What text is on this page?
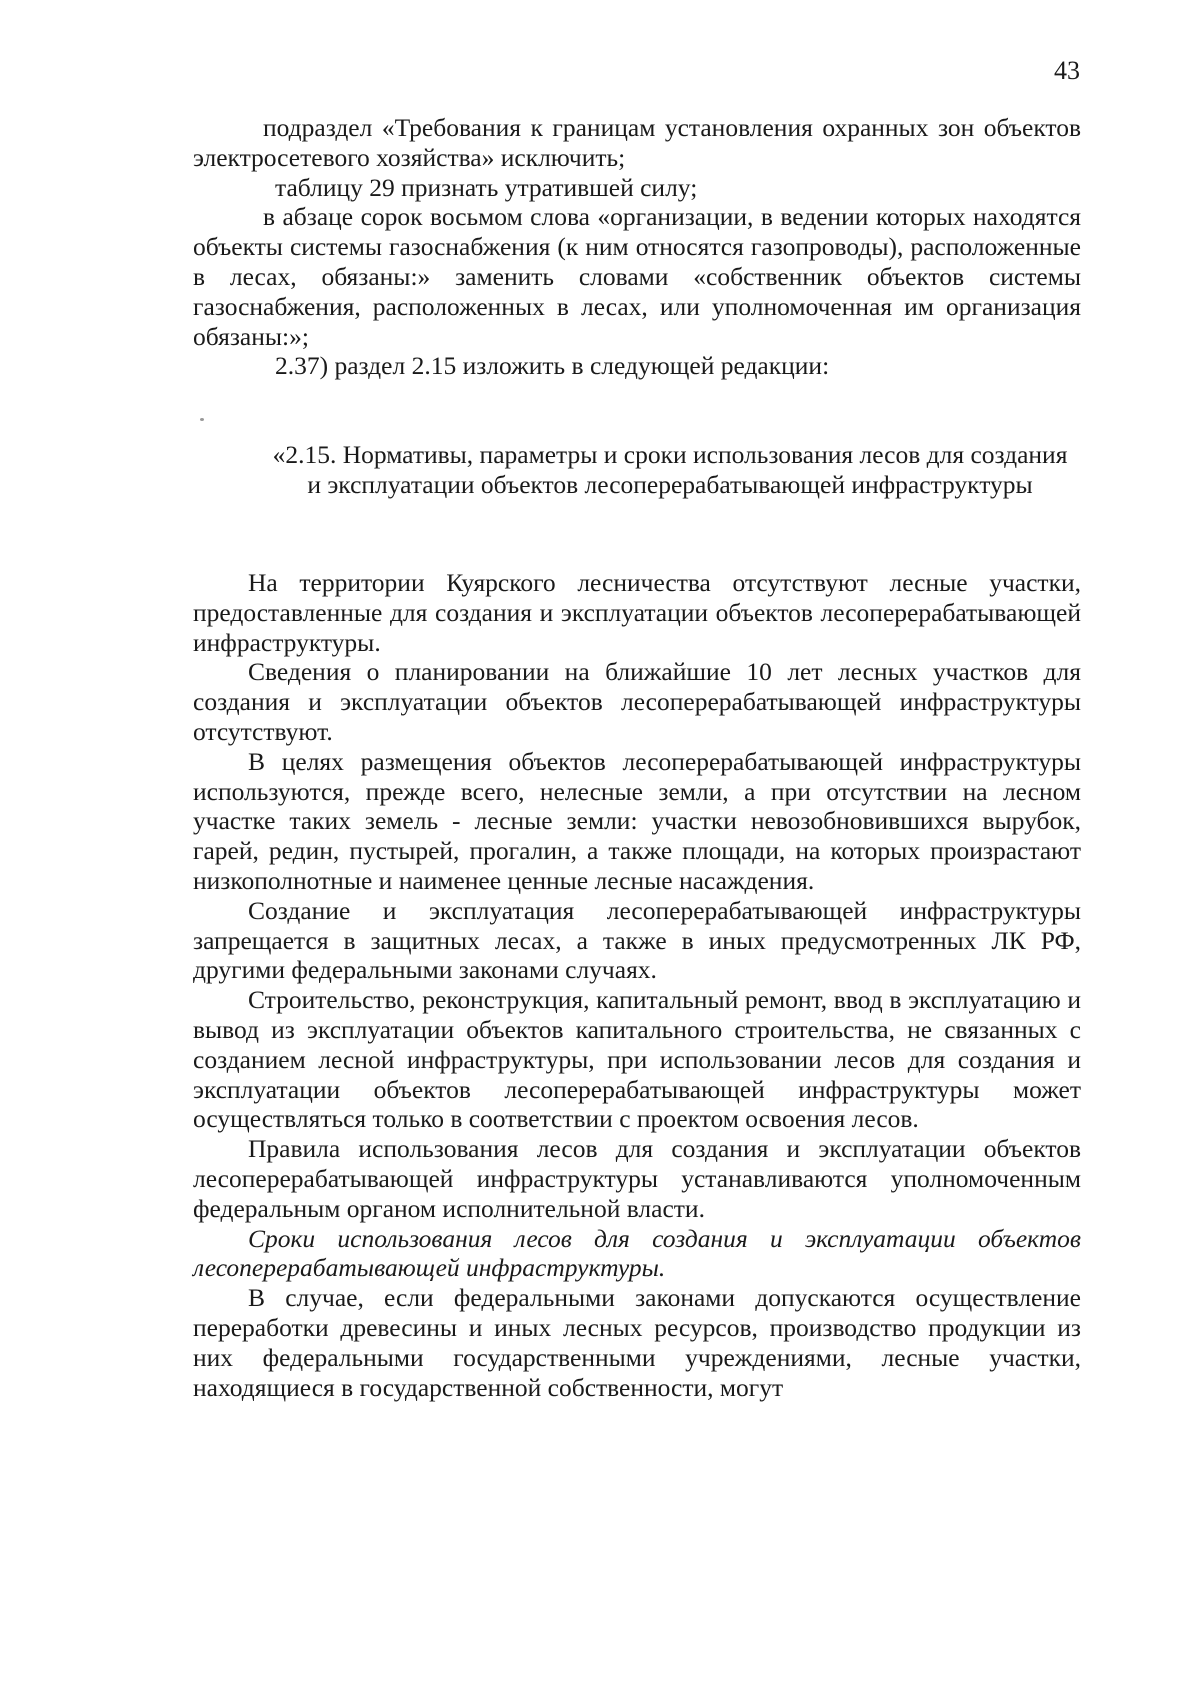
43

подраздел «Требования к границам установления охранных зон объектов электросетевого хозяйства» исключить;

таблицу 29 признать утратившей силу;

в абзаце сорок восьмом слова «организации, в ведении которых находятся объекты системы газоснабжения (к ним относятся газопроводы), расположенные в лесах, обязаны:» заменить словами «собственник объектов системы газоснабжения, расположенных в лесах, или уполномоченная им организация обязаны:»;

2.37) раздел 2.15 изложить в следующей редакции:

«2.15. Нормативы, параметры и сроки использования лесов для создания и эксплуатации объектов лесоперерабатывающей инфраструктуры

На территории Куярского лесничества отсутствуют лесные участки, предоставленные для создания и эксплуатации объектов лесоперерабатывающей инфраструктуры.

Сведения о планировании на ближайшие 10 лет лесных участков для создания и эксплуатации объектов лесоперерабатывающей инфраструктуры отсутствуют.

В целях размещения объектов лесоперерабатывающей инфраструктуры используются, прежде всего, нелесные земли, а при отсутствии на лесном участке таких земель - лесные земли: участки невозобновившихся вырубок, гарей, редин, пустырей, прогалин, а также площади, на которых произрастают низкополнотные и наименее ценные лесные насаждения.

Создание и эксплуатация лесоперерабатывающей инфраструктуры запрещается в защитных лесах, а также в иных предусмотренных ЛК РФ, другими федеральными законами случаях.

Строительство, реконструкция, капитальный ремонт, ввод в эксплуатацию и вывод из эксплуатации объектов капитального строительства, не связанных с созданием лесной инфраструктуры, при использовании лесов для создания и эксплуатации объектов лесоперерабатывающей инфраструктуры может осуществляться только в соответствии с проектом освоения лесов.

Правила использования лесов для создания и эксплуатации объектов лесоперерабатывающей инфраструктуры устанавливаются уполномоченным федеральным органом исполнительной власти.

Сроки использования лесов для создания и эксплуатации объектов лесоперерабатывающей инфраструктуры.

В случае, если федеральными законами допускаются осуществление переработки древесины и иных лесных ресурсов, производство продукции из них федеральными государственными учреждениями, лесные участки, находящиеся в государственной собственности, могут
